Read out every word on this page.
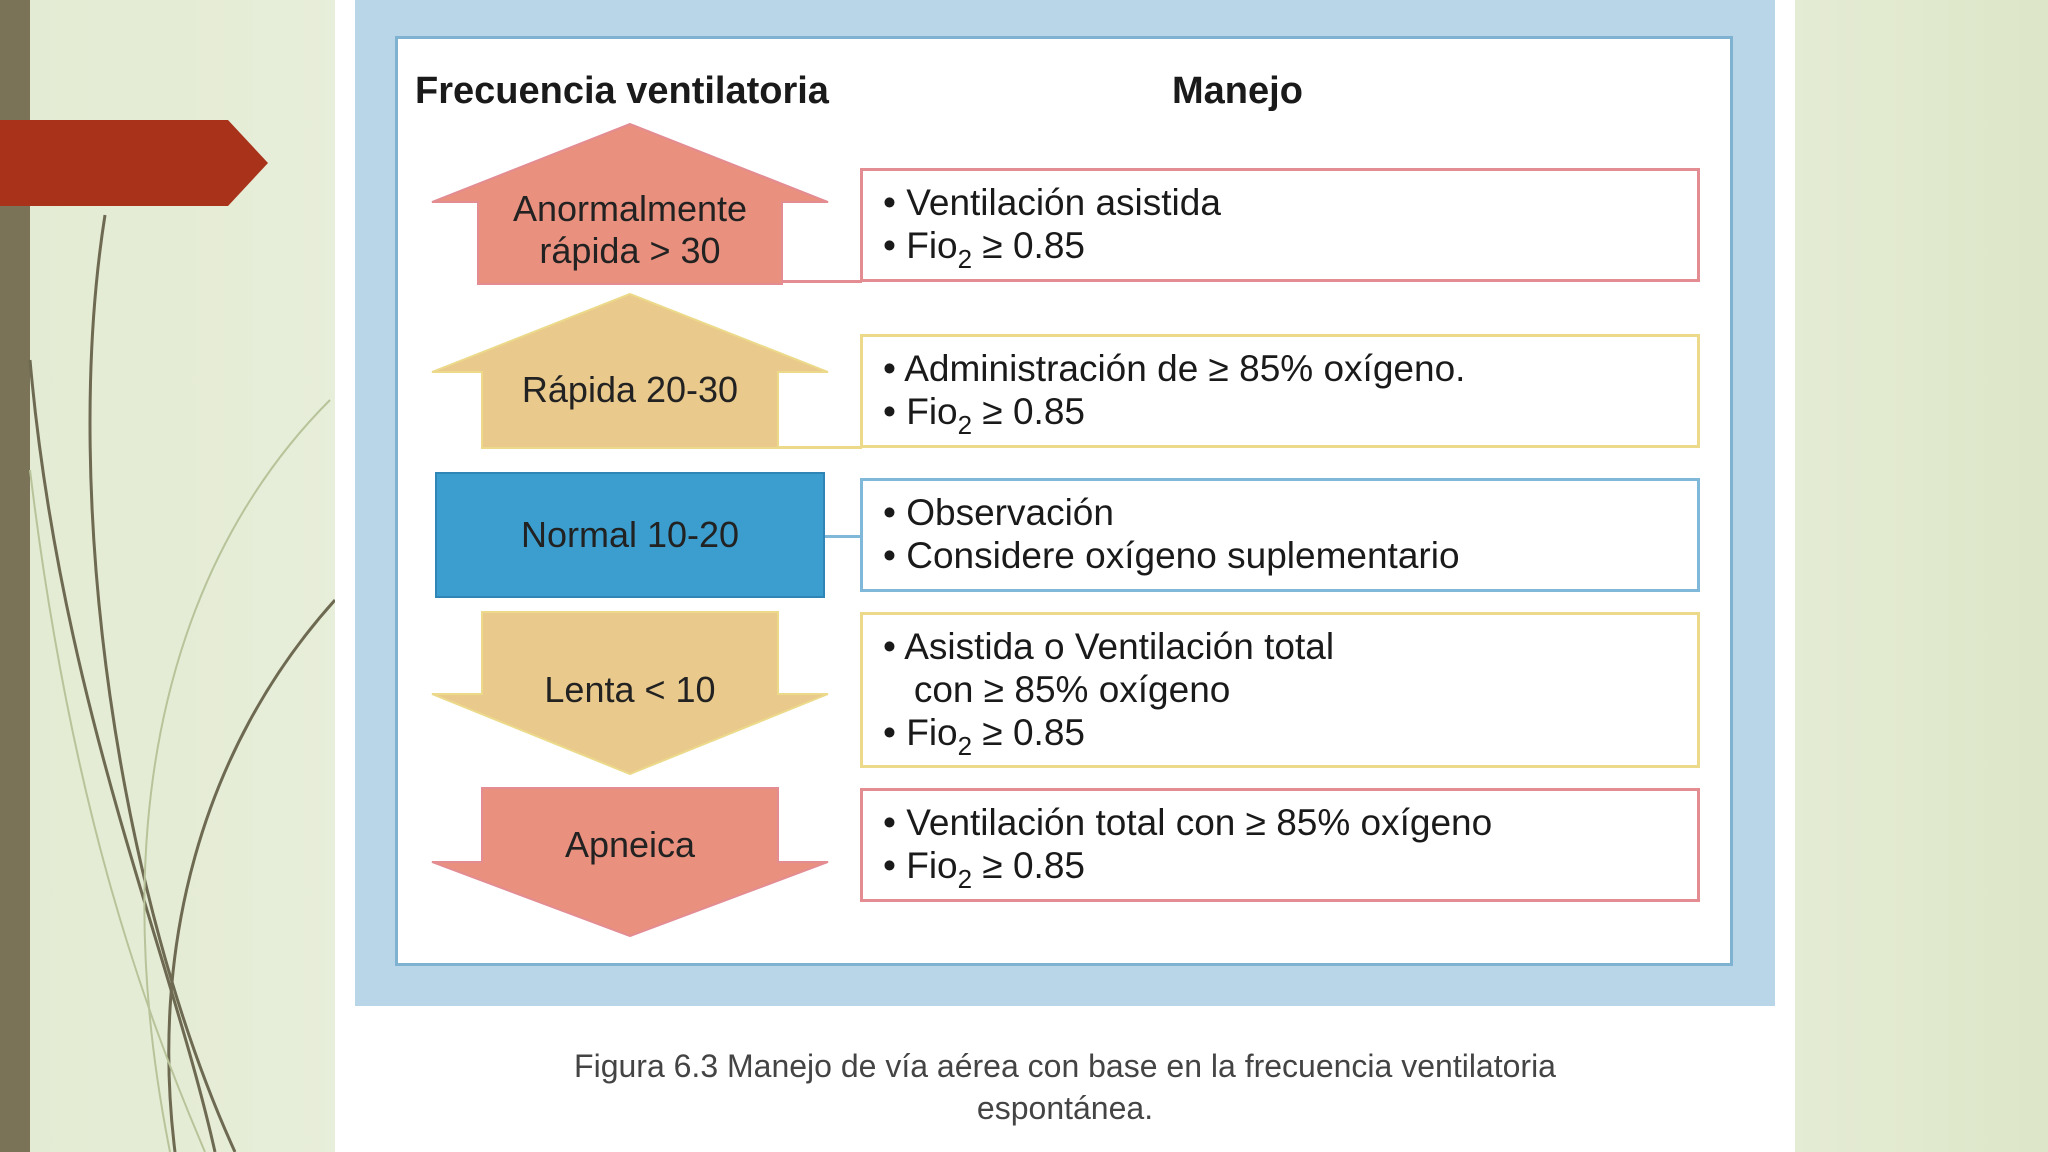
Frecuencia ventilatoria	Manejo
Anormalmente
rápida > 30
• Ventilación asistida
• Fio$_2$ ≥ 0.85
Rápida 20-30
• Administración de ≥ 85% oxígeno.
• Fio$_2$ ≥ 0.85
Normal 10-20
• Observación
• Considere oxígeno suplementario
Lenta < 10
• Asistida o Ventilación total
con ≥ 85% oxígeno
• Fio$_2$ ≥ 0.85
Apneica
• Ventilación total con ≥ 85% oxígeno
• Fio$_2$ ≥ 0.85
Figura 6.3 Manejo de vía aérea con base en la frecuencia ventilatoria
espontánea.
